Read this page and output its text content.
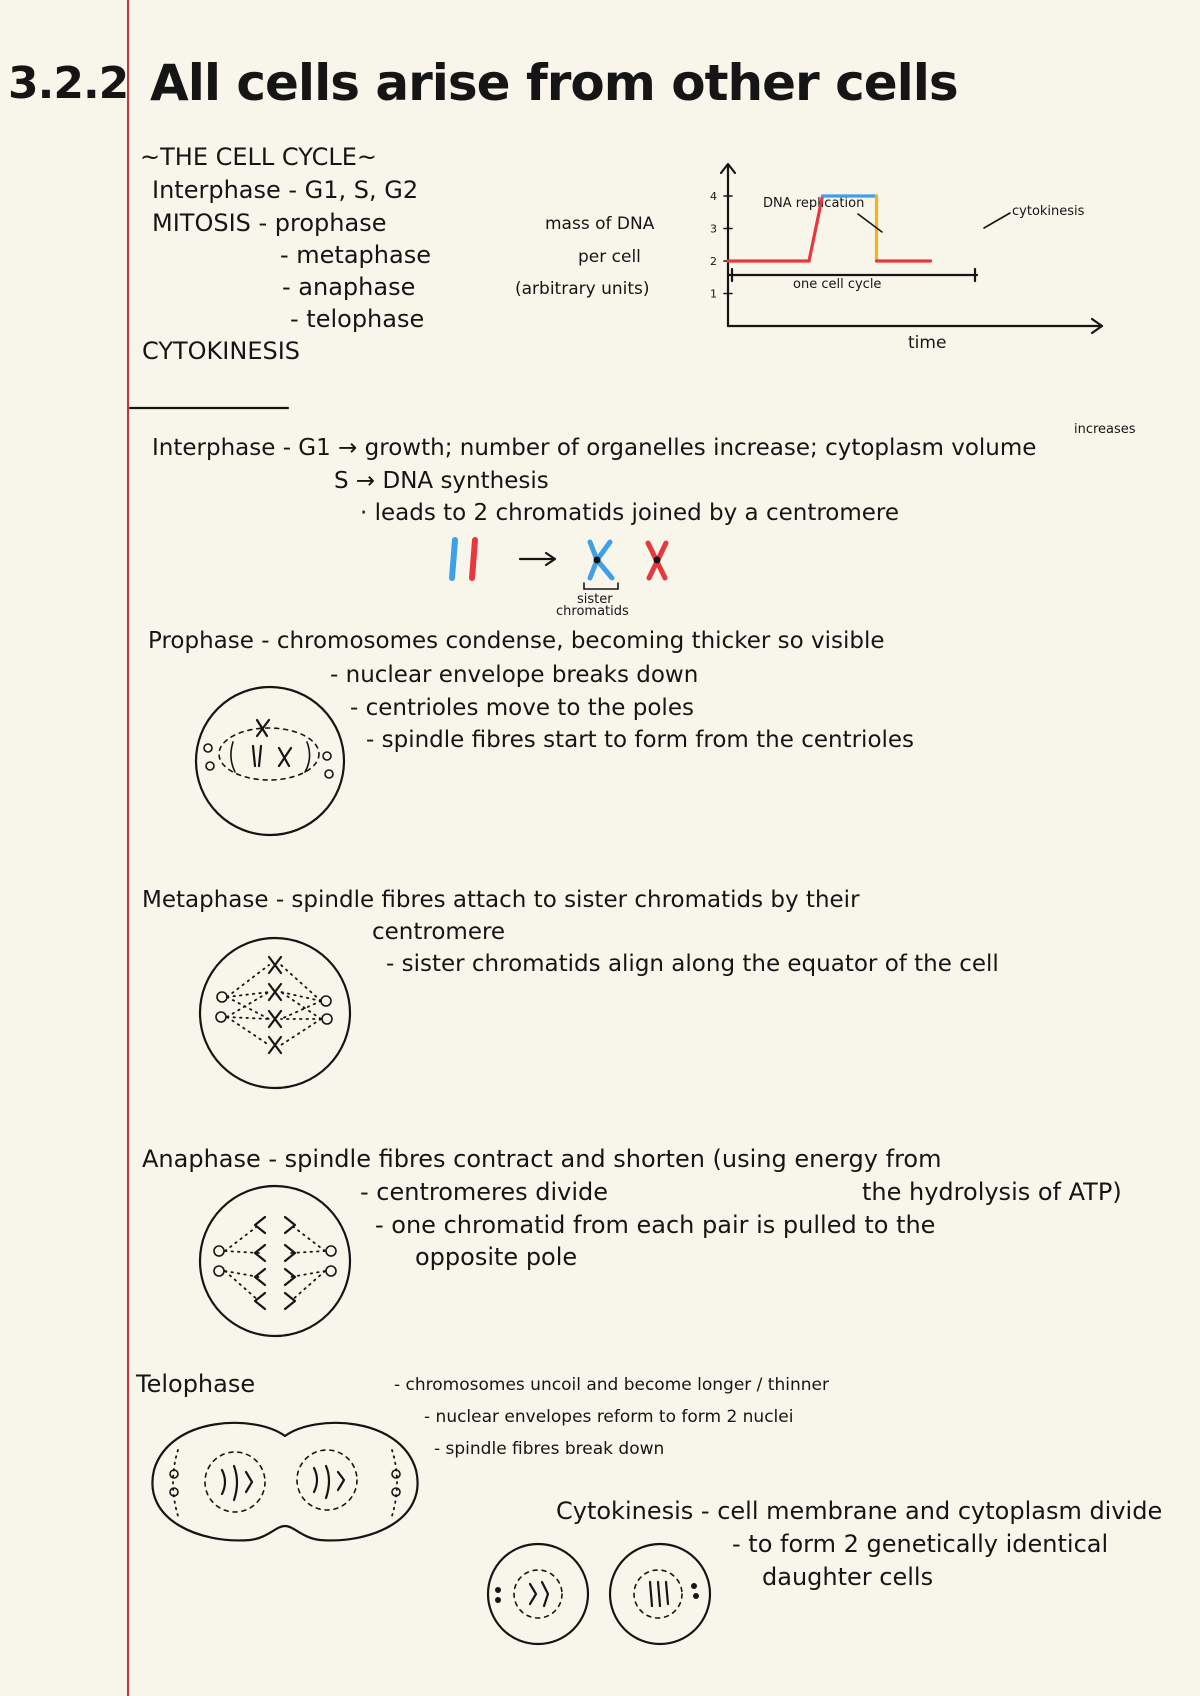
3.2.2 All cells arise from other cells
~THE CELL CYCLE~
Interphase - G1, S, G2
MITOSIS - prophase
- metaphase
- anaphase
- telophase
CYTOKINESIS
mass of DNA
per cell
(arbitrary units)
time
DNA replication
cytokinesis
one cell cycle
1
2
3
4
Interphase - G1 → growth; number of organelles increase; cytoplasm volume
increases
S → DNA synthesis
· leads to 2 chromatids joined by a centromere
sister
chromatids
Prophase - chromosomes condense, becoming thicker so visible
- nuclear envelope breaks down
- centrioles move to the poles
- spindle fibres start to form from the centrioles
Metaphase - spindle fibres attach to sister chromatids by their
centromere
- sister chromatids align along the equator of the cell
Anaphase - spindle fibres contract and shorten (using energy from
- centromeres divide	the hydrolysis of ATP)
- one chromatid from each pair is pulled to the
opposite pole
Telophase	- chromosomes uncoil and become longer / thinner
- nuclear envelopes reform to form 2 nuclei
- spindle fibres break down
Cytokinesis - cell membrane and cytoplasm divide
- to form 2 genetically identical
daughter cells
